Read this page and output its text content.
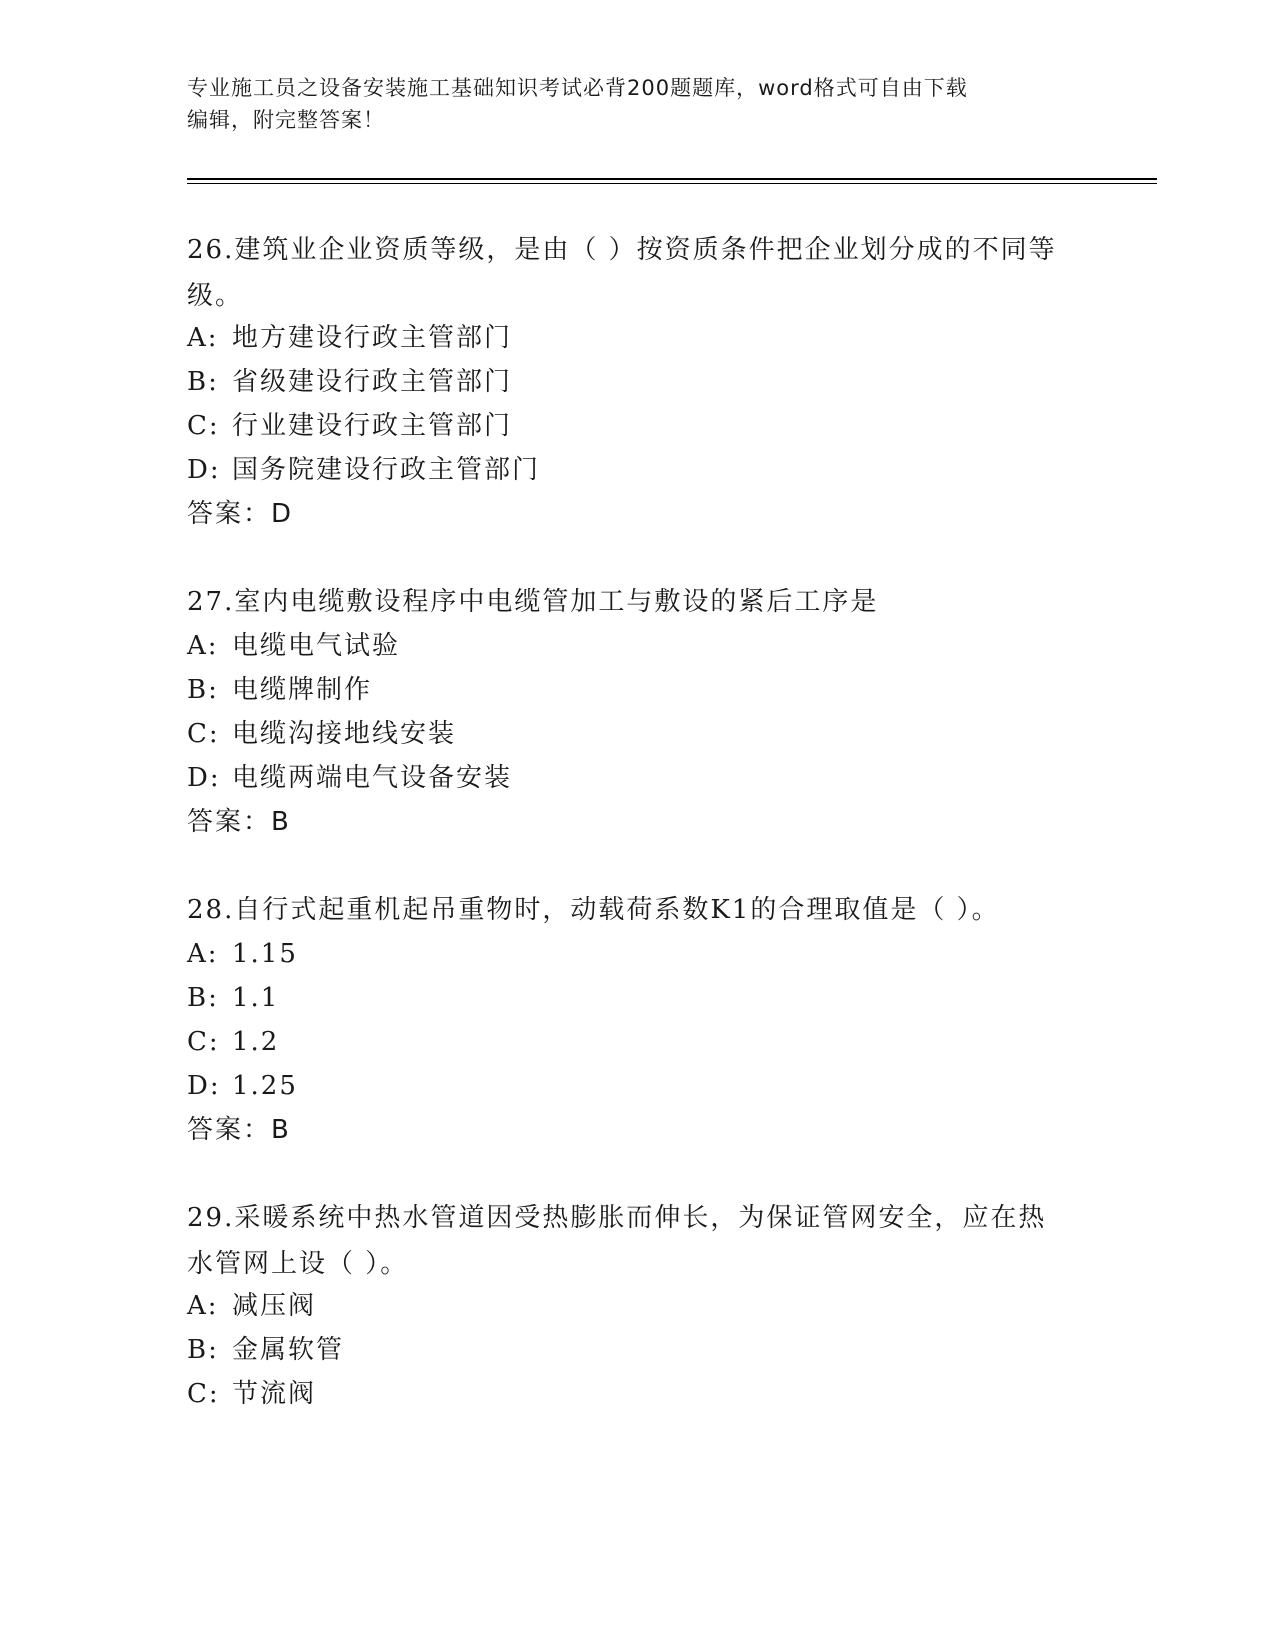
专业施工员之设备安装施工基础知识考试必背200题题库，word格式可自由下载
编辑，附完整答案！
26.建筑业企业资质等级，是由（ ）按资质条件把企业划分成的不同等级。
A: 地方建设行政主管部门
B: 省级建设行政主管部门
C: 行业建设行政主管部门
D: 国务院建设行政主管部门
答案：D
27.室内电缆敷设程序中电缆管加工与敷设的紧后工序是
A: 电缆电气试验
B: 电缆牌制作
C: 电缆沟接地线安装
D: 电缆两端电气设备安装
答案：B
28.自行式起重机起吊重物时，动载荷系数K1的合理取值是（ ）。
A: 1.15
B: 1.1
C: 1.2
D: 1.25
答案：B
29.采暖系统中热水管道因受热膨胀而伸长，为保证管网安全，应在热水管网上设（ ）。
A: 减压阀
B: 金属软管
C: 节流阀
